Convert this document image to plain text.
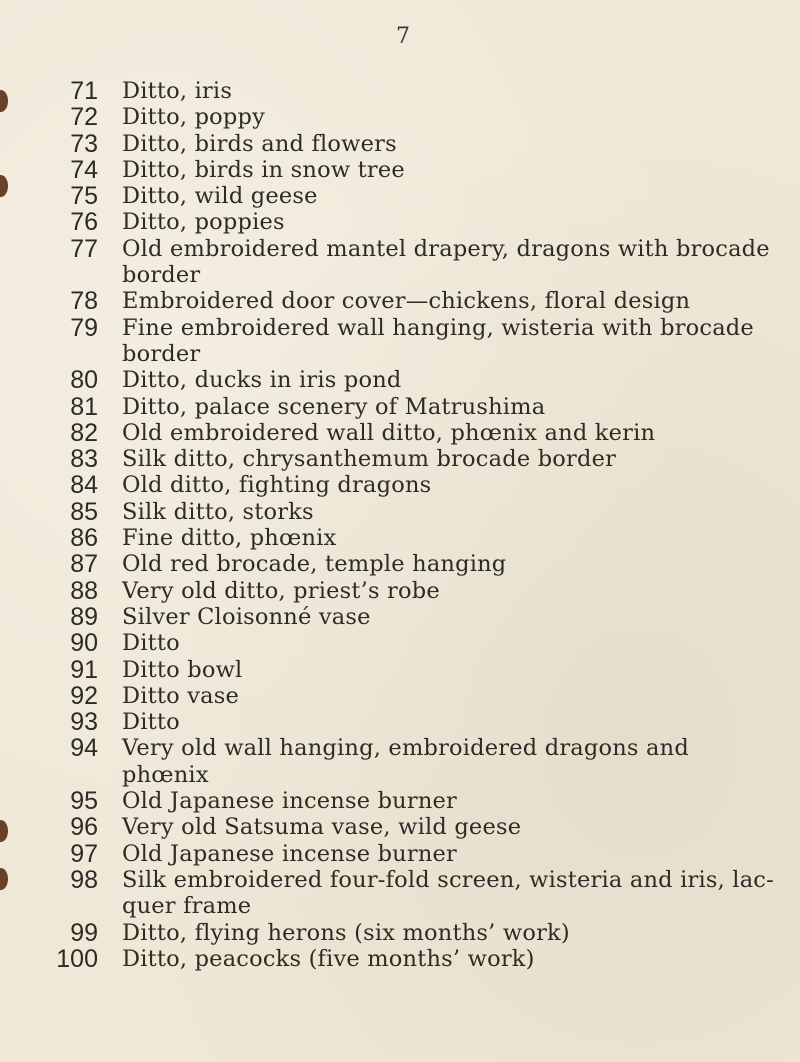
7
71	Ditto, iris
72	Ditto, poppy
73	Ditto, birds and flowers
74	Ditto, birds in snow tree
75	Ditto, wild geese
76	Ditto, poppies
77	Old embroidered mantel drapery, dragons with brocade
border
78	Embroidered door cover—chickens, floral design
79	Fine embroidered wall hanging, wisteria with brocade
border
80	Ditto, ducks in iris pond
81	Ditto, palace scenery of Matrushima
82	Old embroidered wall ditto, phœnix and kerin
83	Silk ditto, chrysanthemum brocade border
84	Old ditto, fighting dragons
85	Silk ditto, storks
86	Fine ditto, phœnix
87	Old red brocade, temple hanging
88	Very old ditto, priest’s robe
89	Silver Cloisonné vase
90	Ditto
91	Ditto bowl
92	Ditto vase
93	Ditto
94	Very old wall hanging, embroidered dragons and phœnix
95	Old Japanese incense burner
96	Very old Satsuma vase, wild geese
97	Old Japanese incense burner
98	Silk embroidered four-fold screen, wisteria and iris, lac-
quer frame
99	Ditto, flying herons (six months’ work)
100	Ditto, peacocks (five months’ work)
